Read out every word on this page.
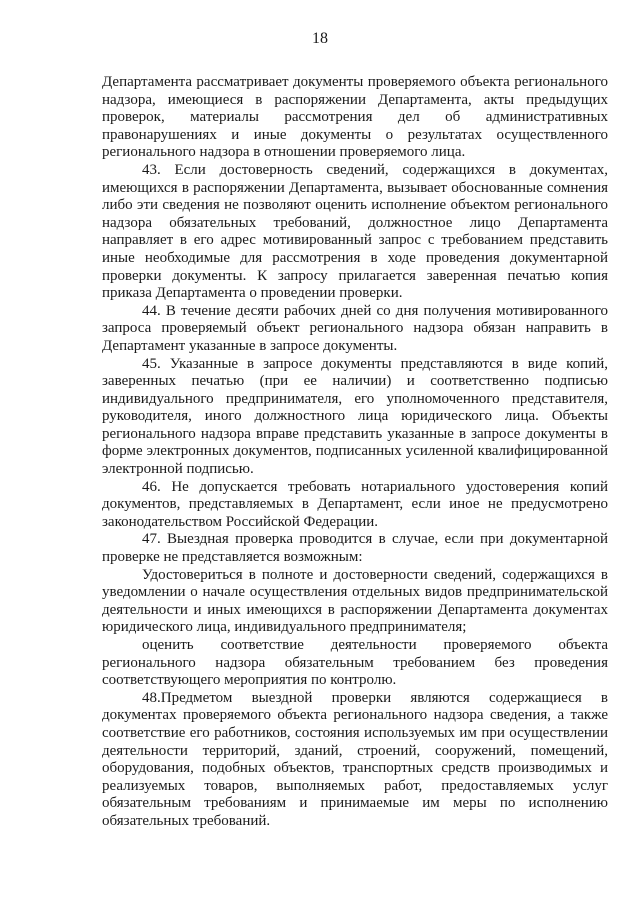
18

Департамента рассматривает документы проверяемого объекта регионального надзора, имеющиеся в распоряжении Департамента, акты предыдущих проверок, материалы рассмотрения дел об административных правонарушениях и иные документы о результатах осуществленного регионального надзора в отношении проверяемого лица.

43. Если достоверность сведений, содержащихся в документах, имеющихся в распоряжении Департамента, вызывает обоснованные сомнения либо эти сведения не позволяют оценить исполнение объектом регионального надзора обязательных требований, должностное лицо Департамента направляет в его адрес мотивированный запрос с требованием представить иные необходимые для рассмотрения в ходе проведения документарной проверки документы. К запросу прилагается заверенная печатью копия приказа Департамента о проведении проверки.

44. В течение десяти рабочих дней со дня получения мотивированного запроса проверяемый объект регионального надзора обязан направить в Департамент указанные в запросе документы.

45. Указанные в запросе документы представляются в виде копий, заверенных печатью (при ее наличии) и соответственно подписью индивидуального предпринимателя, его уполномоченного представителя, руководителя, иного должностного лица юридического лица. Объекты регионального надзора вправе представить указанные в запросе документы в форме электронных документов, подписанных усиленной квалифицированной электронной подписью.

46. Не допускается требовать нотариального удостоверения копий документов, представляемых в Департамент, если иное не предусмотрено законодательством Российской Федерации.

47. Выездная проверка проводится в случае, если при документарной проверке не представляется возможным:

Удостовериться в полноте и достоверности сведений, содержащихся в уведомлении о начале осуществления отдельных видов предпринимательской деятельности и иных имеющихся в распоряжении Департамента документах юридического лица, индивидуального предпринимателя;

оценить соответствие деятельности проверяемого объекта регионального надзора обязательным требованием без проведения соответствующего мероприятия по контролю.

48.Предметом выездной проверки являются содержащиеся в документах проверяемого объекта регионального надзора сведения, а также соответствие его работников, состояния используемых им при осуществлении деятельности территорий, зданий, строений, сооружений, помещений, оборудования, подобных объектов, транспортных средств производимых и реализуемых товаров, выполняемых работ, предоставляемых услуг обязательным требованиям и принимаемые им меры по исполнению обязательных требований.
